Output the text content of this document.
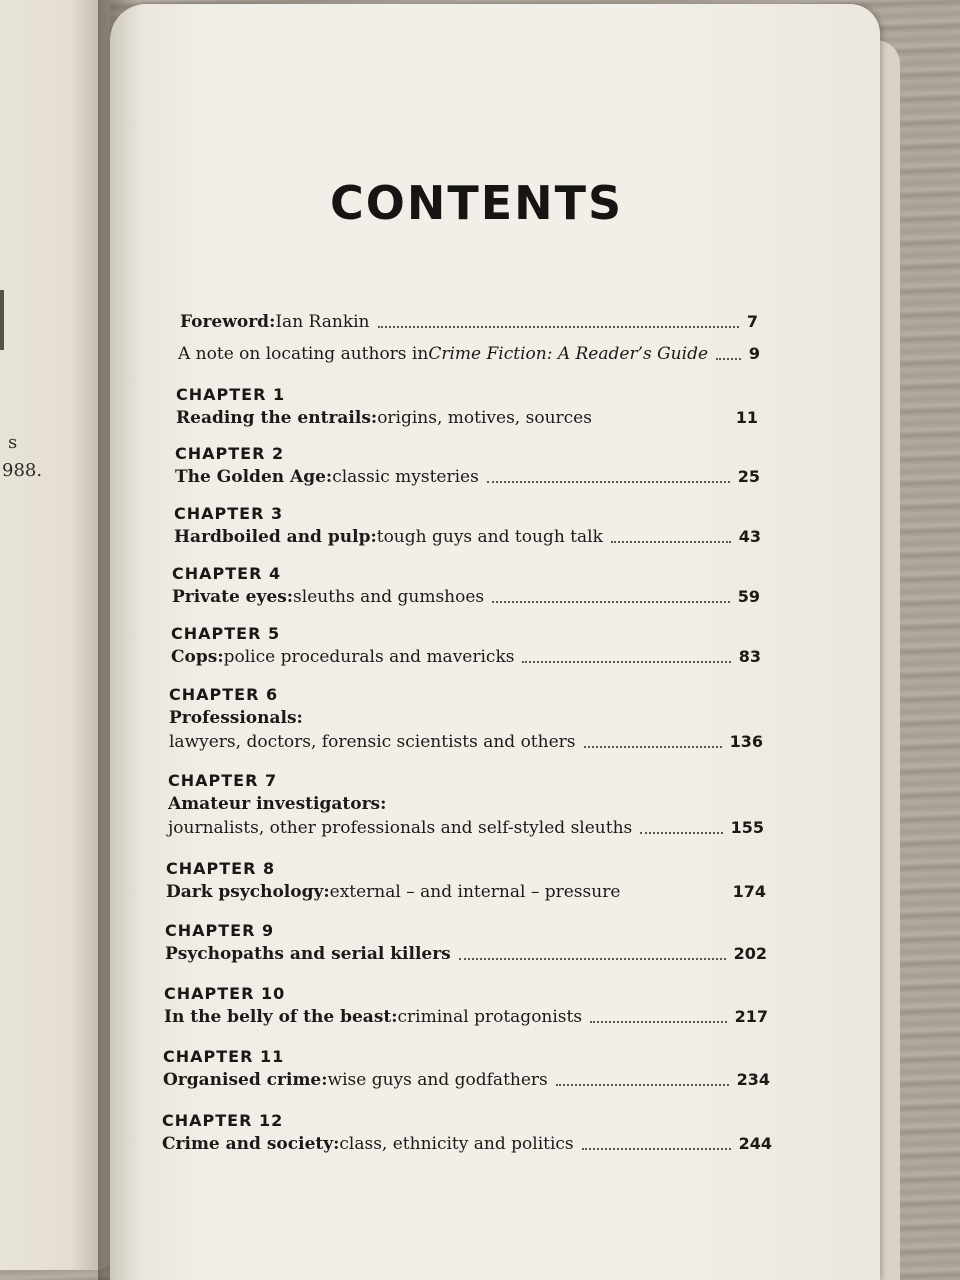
s
988.
CONTENTS
Foreword: Ian Rankin	7
A note on locating authors in Crime Fiction: A Reader’s Guide	9
CHAPTER 1
Reading the entrails: origins, motives, sources	11
CHAPTER 2
The Golden Age: classic mysteries	25
CHAPTER 3
Hardboiled and pulp: tough guys and tough talk	43
CHAPTER 4
Private eyes: sleuths and gumshoes	59
CHAPTER 5
Cops: police procedurals and mavericks	83
CHAPTER 6
Professionals:
lawyers, doctors, forensic scientists and others	136
CHAPTER 7
Amateur investigators:
journalists, other professionals and self-styled sleuths	155
CHAPTER 8
Dark psychology: external – and internal – pressure	174
CHAPTER 9
Psychopaths and serial killers	202
CHAPTER 10
In the belly of the beast: criminal protagonists	217
CHAPTER 11
Organised crime: wise guys and godfathers	234
CHAPTER 12
Crime and society: class, ethnicity and politics	244
